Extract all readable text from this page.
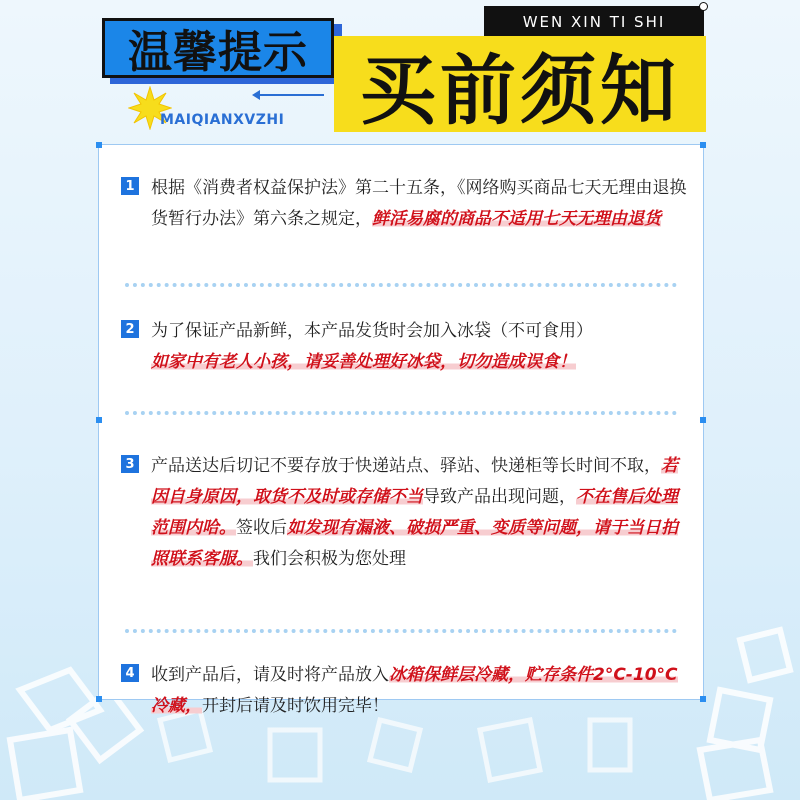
WEN XIN TI SHI
温馨提示 买前须知
MAIQIANXVZHI
1 根据《消费者权益保护法》第二十五条，《网络购买商品七天无理由退换货暂行办法》第六条之规定，鲜活易腐的商品不适用七天无理由退货
2 为了保证产品新鲜，本产品发货时会加入冰袋（不可食用）
如家中有老人小孩，请妥善处理好冰袋，切勿造成误食！
3 产品送达后切记不要存放于快递站点、驿站、快递柜等长时间不取，若因自身原因，取货不及时或存储不当导致产品出现问题，不在售后处理范围内哈。签收后如发现有漏液、破损严重、变质等问题，请于当日拍照联系客服。我们会积极为您处理
4 收到产品后，请及时将产品放入冰箱保鲜层冷藏，贮存条件2°C-10°C冷藏，开封后请及时饮用完毕！
